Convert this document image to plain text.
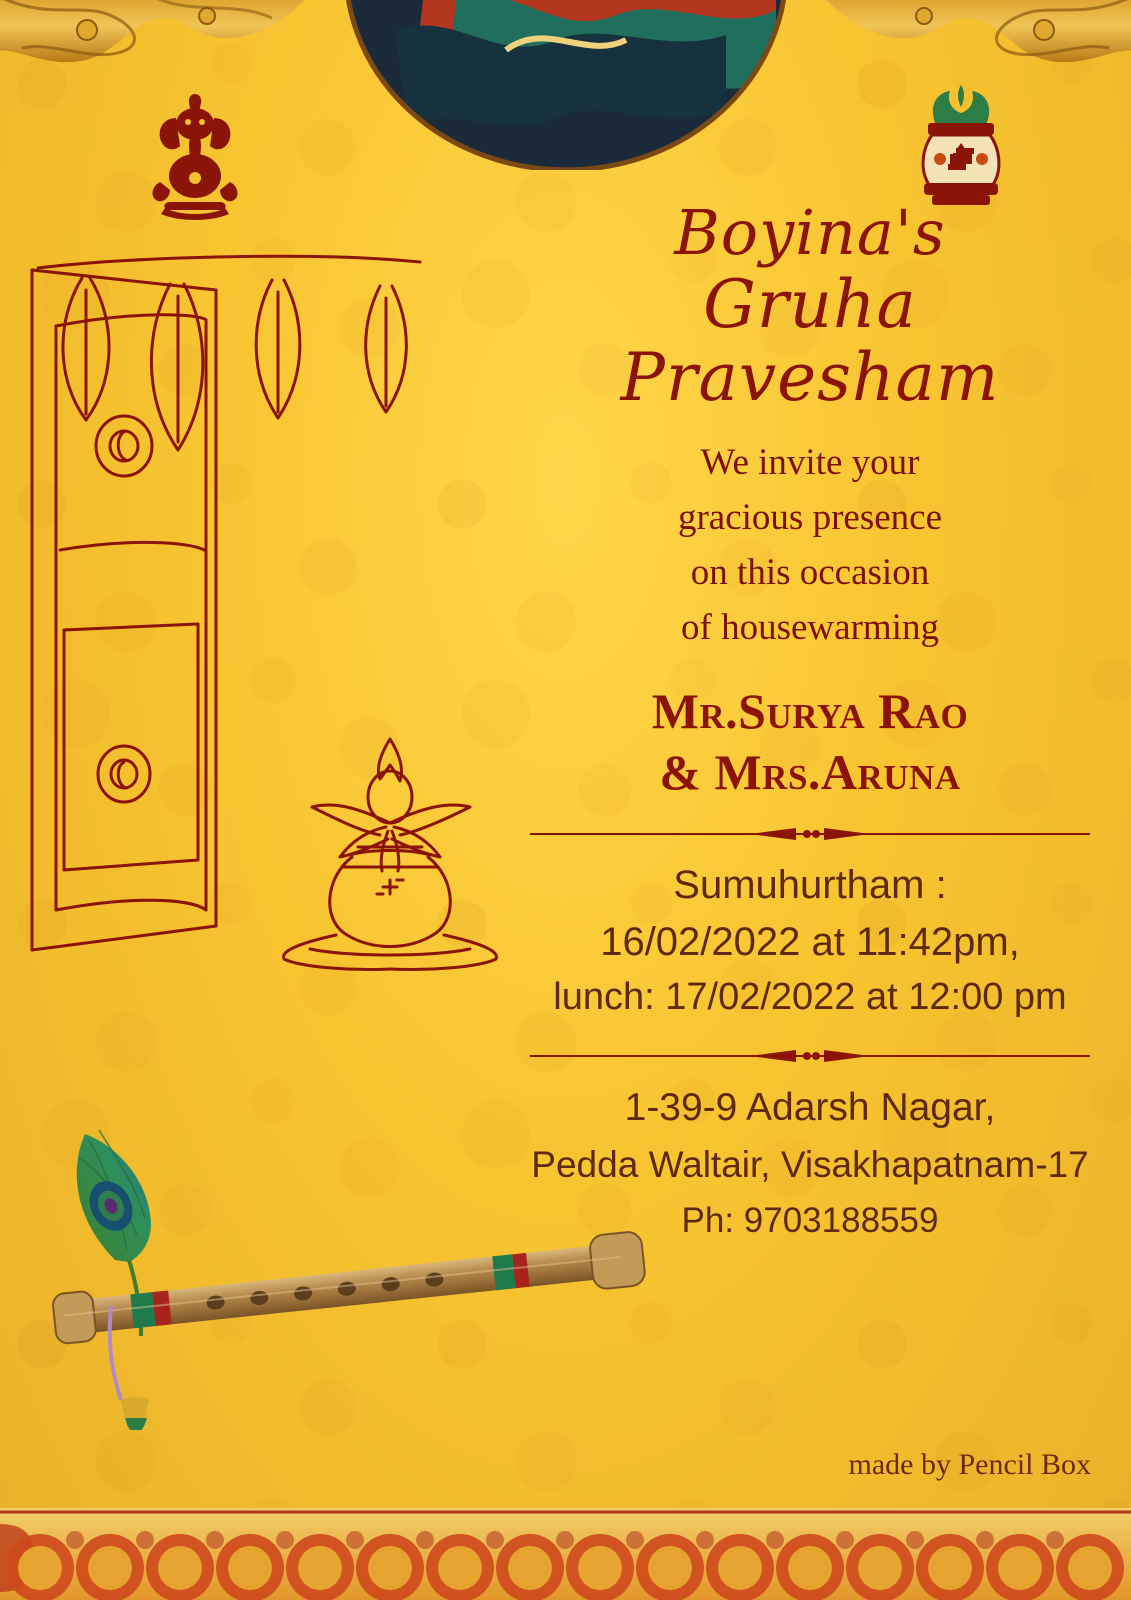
Boyina's
Gruha Pravesham
We invite your
gracious presence
on this occasion
of housewarming
Mr.Surya Rao
& Mrs.Aruna
Sumuhurtham :
16/02/2022 at 11:42pm,
lunch: 17/02/2022 at 12:00 pm
1-39-9 Adarsh Nagar,
Pedda Waltair, Visakhapatnam-17
Ph: 9703188559
made by Pencil Box
